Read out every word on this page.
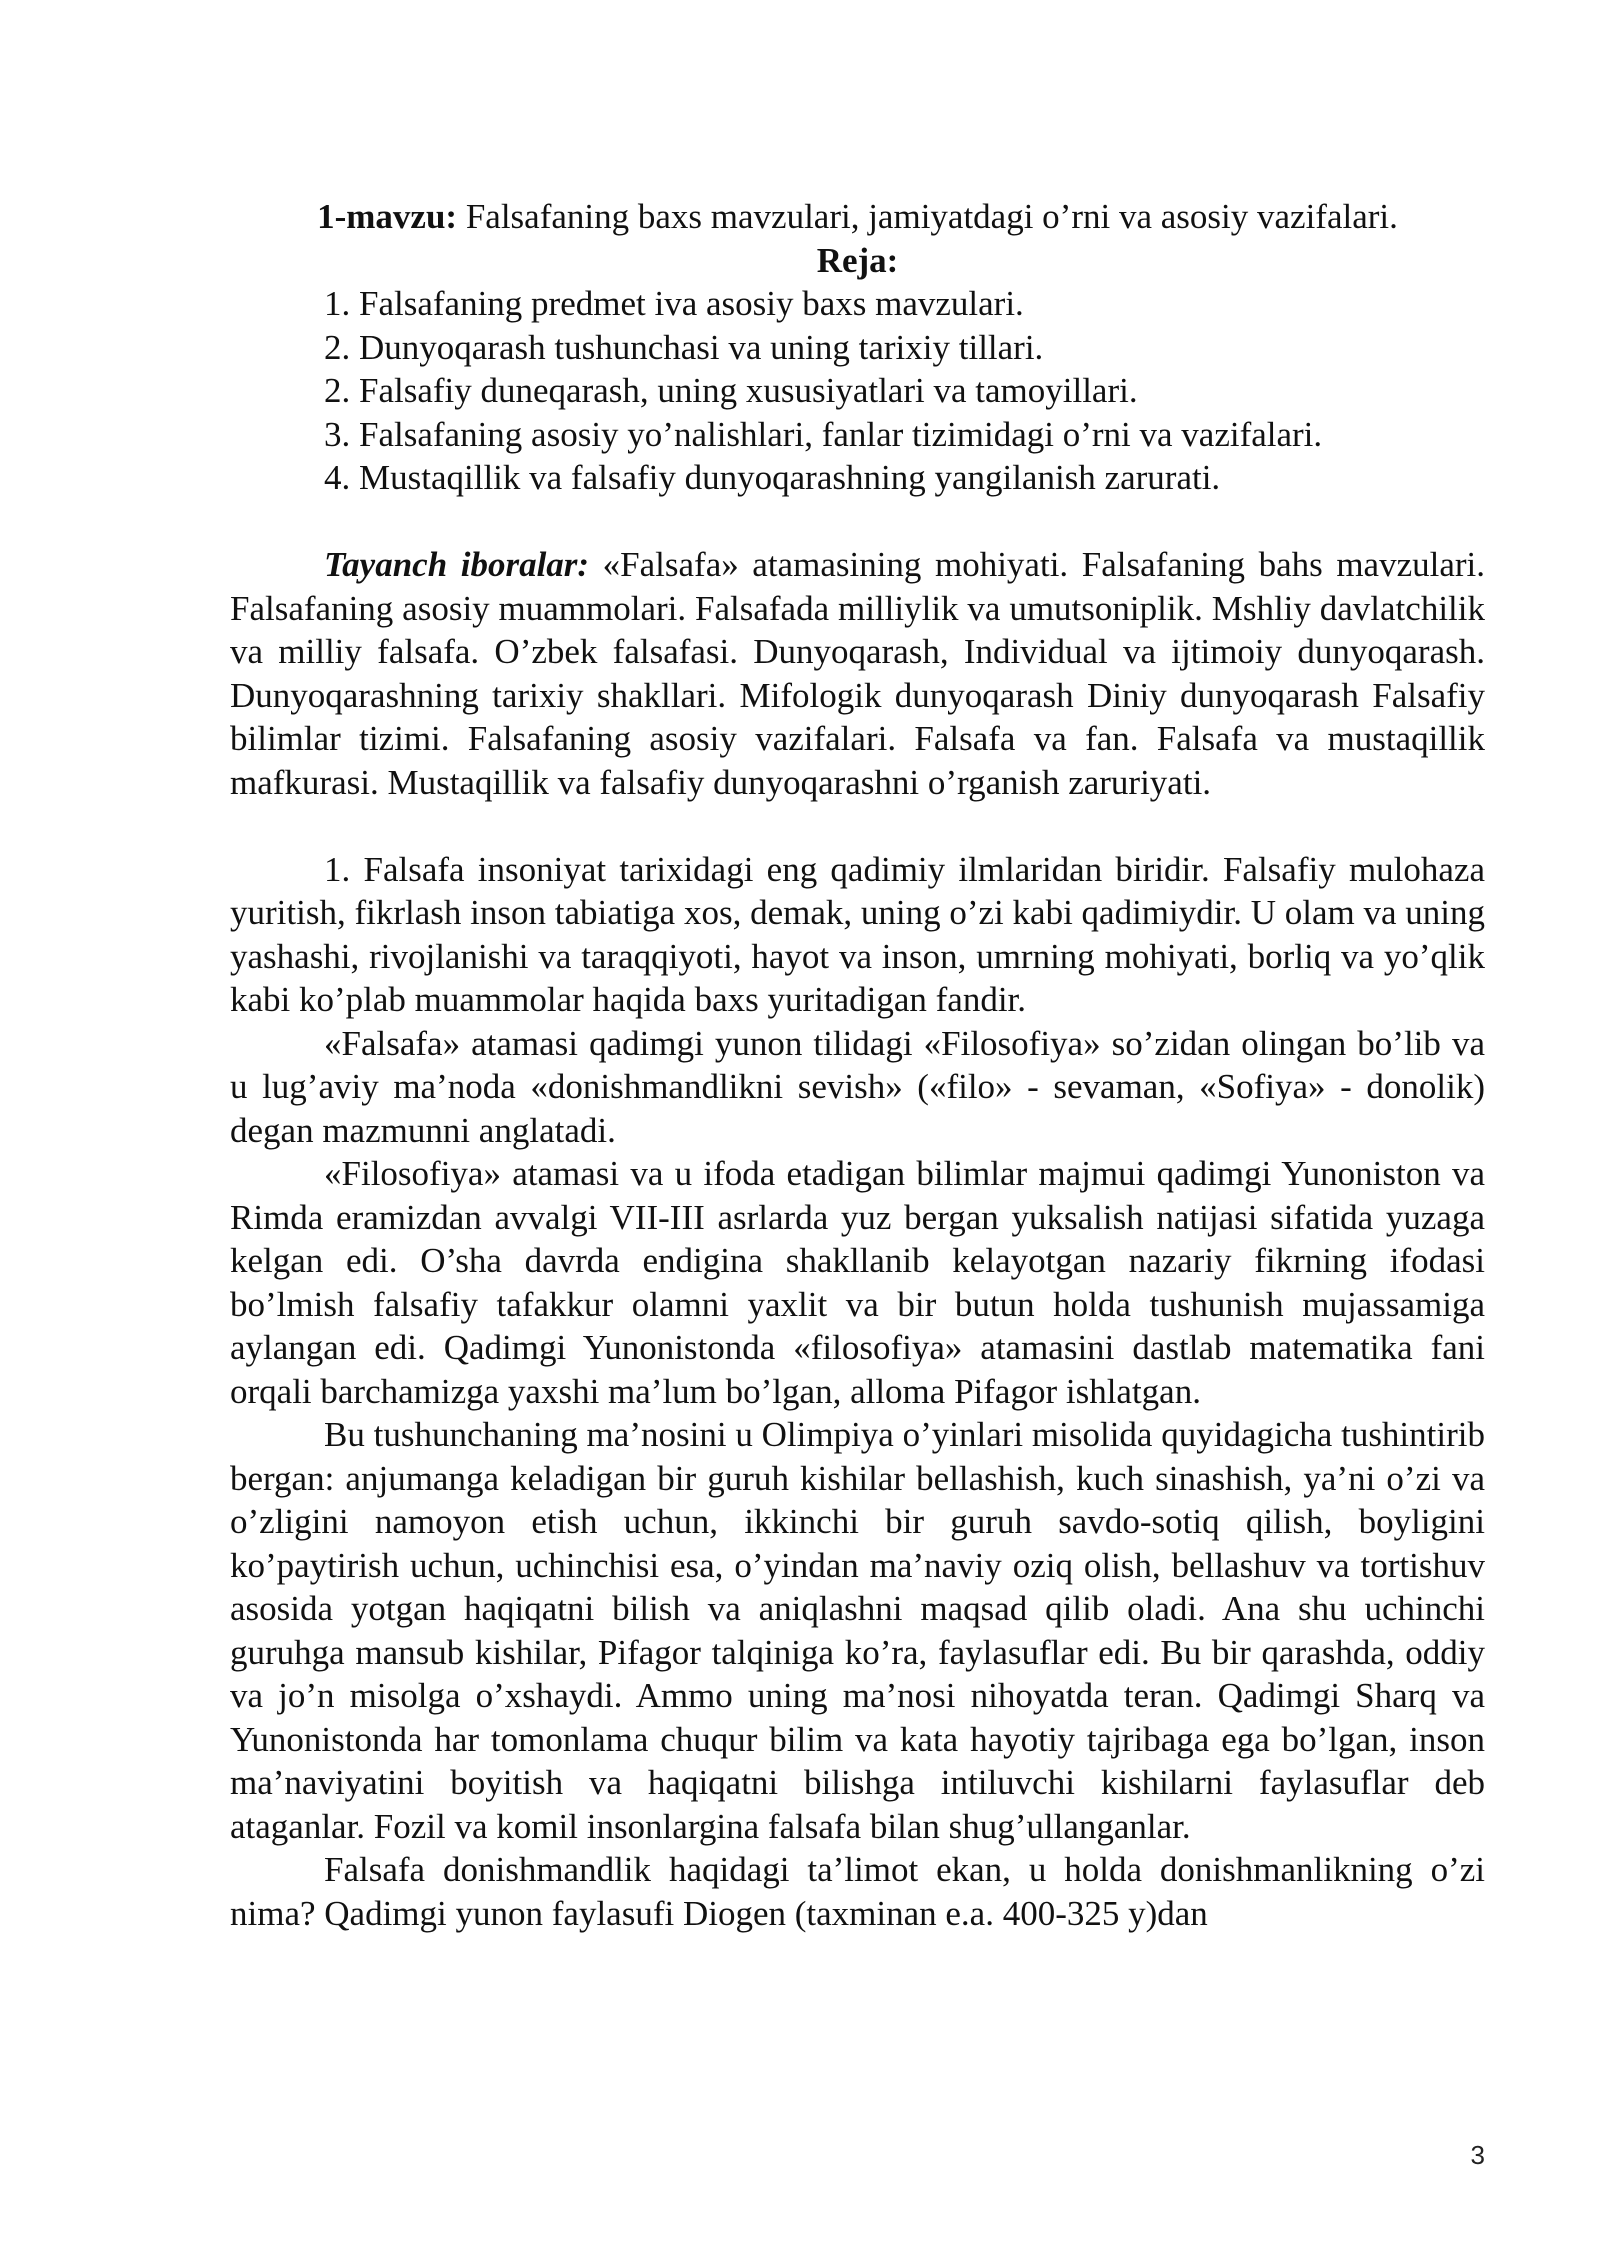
1-mavzu: Falsafaning baxs mavzulari, jamiyatdagi o’rni va asosiy vazifalari.

Reja:

1. Falsafaning predmet iva asosiy baxs mavzulari.
2. Dunyoqarash tushunchasi va uning tarixiy tillari.
2. Falsafiy duneqarash, uning xususiyatlari va tamoyillari.
3. Falsafaning asosiy yo’nalishlari, fanlar tizimidagi o’rni va vazifalari.
4. Mustaqillik va falsafiy dunyoqarashning yangilanish zarurati.

Tayanch iboralar: «Falsafa» atamasining mohiyati. Falsafaning bahs mavzulari. Falsafaning asosiy muammolari. Falsafada milliylik va umutsoniplik. Mshliy davlatchilik va milliy falsafa. O’zbek falsafasi. Dunyoqarash, Individual va ijtimoiy dunyoqarash. Dunyoqarashning tarixiy shakllari. Mifologik dunyoqarash Diniy dunyoqarash Falsafiy bilimlar tizimi. Falsafaning asosiy vazifalari. Falsafa va fan. Falsafa va mustaqillik mafkurasi. Mustaqillik va falsafiy dunyoqarashni o’rganish zaruriyati.

1. Falsafa insoniyat tarixidagi eng qadimiy ilmlaridan biridir. Falsafiy mulohaza yuritish, fikrlash inson tabiatiga xos, demak, uning o’zi kabi qadimiydir. U olam va uning yashashi, rivojlanishi va taraqqiyoti, hayot va inson, umrning mohiyati, borliq va yo’qlik kabi ko’plab muammolar haqida baxs yuritadigan fandir.

«Falsafa» atamasi qadimgi yunon tilidagi «Filosofiya» so’zidan olingan bo’lib va u lug’aviy ma’noda «donishmandlikni sevish» («filo» - sevaman, «Sofiya» - donolik) degan mazmunni anglatadi.

«Filosofiya» atamasi va u ifoda etadigan bilimlar majmui qadimgi Yunoniston va Rimda eramizdan avvalgi VII-III asrlarda yuz bergan yuksalish natijasi sifatida yuzaga kelgan edi. O’sha davrda endigina shakllanib kelayotgan nazariy fikrning ifodasi bo’lmish falsafiy tafakkur olamni yaxlit va bir butun holda tushunish mujassamiga aylangan edi. Qadimgi Yunonistonda «filosofiya» atamasini dastlab matematika fani orqali barchamizga yaxshi ma’lum bo’lgan, alloma Pifagor ishlatgan.

Bu tushunchaning ma’nosini u Olimpiya o’yinlari misolida quyidagicha tushintirib bergan: anjumanga keladigan bir guruh kishilar bellashish, kuch sinashish, ya’ni o’zi va o’zligini namoyon etish uchun, ikkinchi bir guruh savdo-sotiq qilish, boyligini ko’paytirish uchun, uchinchisi esa, o’yindan ma’naviy oziq olish, bellashuv va tortishuv asosida yotgan haqiqatni bilish va aniqlashni maqsad qilib oladi. Ana shu uchinchi guruhga mansub kishilar, Pifagor talqiniga ko’ra, faylasuflar edi. Bu bir qarashda, oddiy va jo’n misolga o’xshaydi. Ammo uning ma’nosi nihoyatda teran. Qadimgi Sharq va Yunonistonda har tomonlama chuqur bilim va kata hayotiy tajribaga ega bo’lgan, inson ma’naviyatini boyitish va haqiqatni bilishga intiluvchi kishilarni faylasuflar deb ataganlar. Fozil va komil insonlargina falsafa bilan shug’ullanganlar.

Falsafa donishmandlik haqidagi ta’limot ekan, u holda donishmanlikning o’zi nima? Qadimgi yunon faylasufi Diogen (taxminan e.a. 400-325 y)dan

3
